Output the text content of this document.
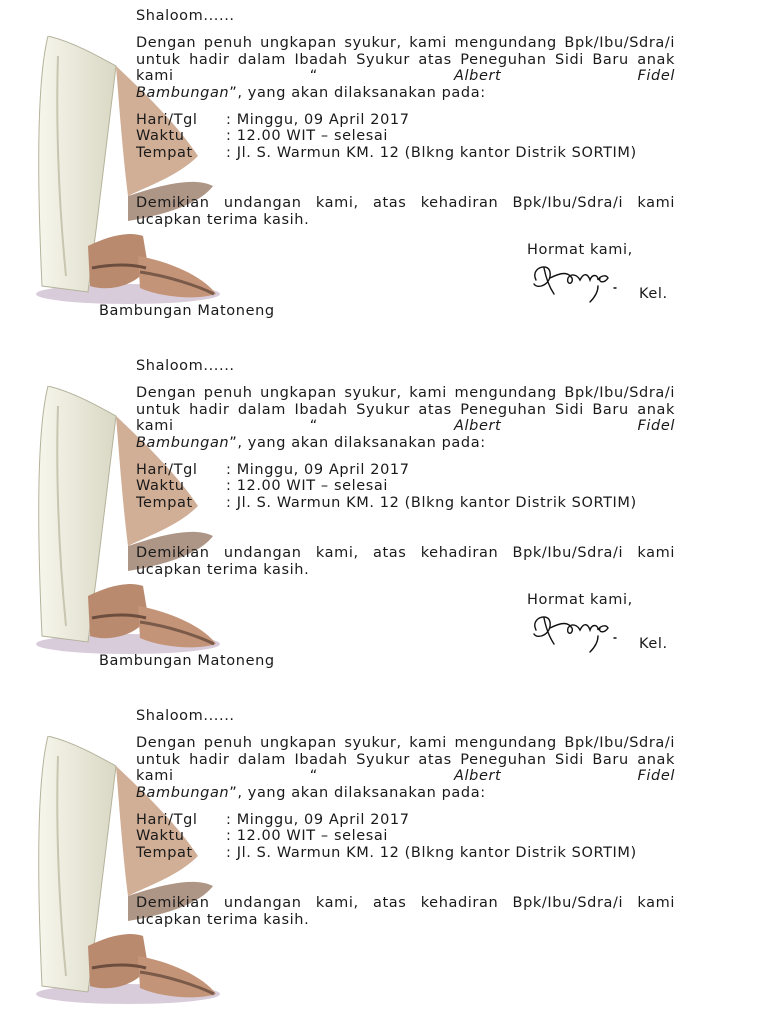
Shaloom......
Dengan penuh ungkapan syukur, kami mengundang Bpk/Ibu/Sdra/i untuk hadir dalam Ibadah Syukur atas Peneguhan Sidi Baru anak kami “	Albert Fidel
Bambungan”, yang akan dilaksanakan pada:
Hari/Tgl : Minggu, 09 April 2017
Waktu	: 12.00 WIT – selesai
Tempat : Jl. S. Warmun KM. 12 (Blkng kantor Distrik SORTIM)
Demikian undangan kami, atas kehadiran Bpk/Ibu/Sdra/i kami ucapkan terima kasih.
Hormat kami,
Kel.
Bambungan Matoneng
Shaloom......
Dengan penuh ungkapan syukur, kami mengundang Bpk/Ibu/Sdra/i untuk hadir dalam Ibadah Syukur atas Peneguhan Sidi Baru anak kami “	Albert Fidel
Bambungan”, yang akan dilaksanakan pada:
Hari/Tgl : Minggu, 09 April 2017
Waktu	: 12.00 WIT – selesai
Tempat : Jl. S. Warmun KM. 12 (Blkng kantor Distrik SORTIM)
Demikian undangan kami, atas kehadiran Bpk/Ibu/Sdra/i kami ucapkan terima kasih.
Hormat kami,
Kel.
Bambungan Matoneng
Shaloom......
Dengan penuh ungkapan syukur, kami mengundang Bpk/Ibu/Sdra/i untuk hadir dalam Ibadah Syukur atas Peneguhan Sidi Baru anak kami “	Albert Fidel
Bambungan”, yang akan dilaksanakan pada:
Hari/Tgl : Minggu, 09 April 2017
Waktu	: 12.00 WIT – selesai
Tempat : Jl. S. Warmun KM. 12 (Blkng kantor Distrik SORTIM)
Demikian undangan kami, atas kehadiran Bpk/Ibu/Sdra/i kami ucapkan terima kasih.
